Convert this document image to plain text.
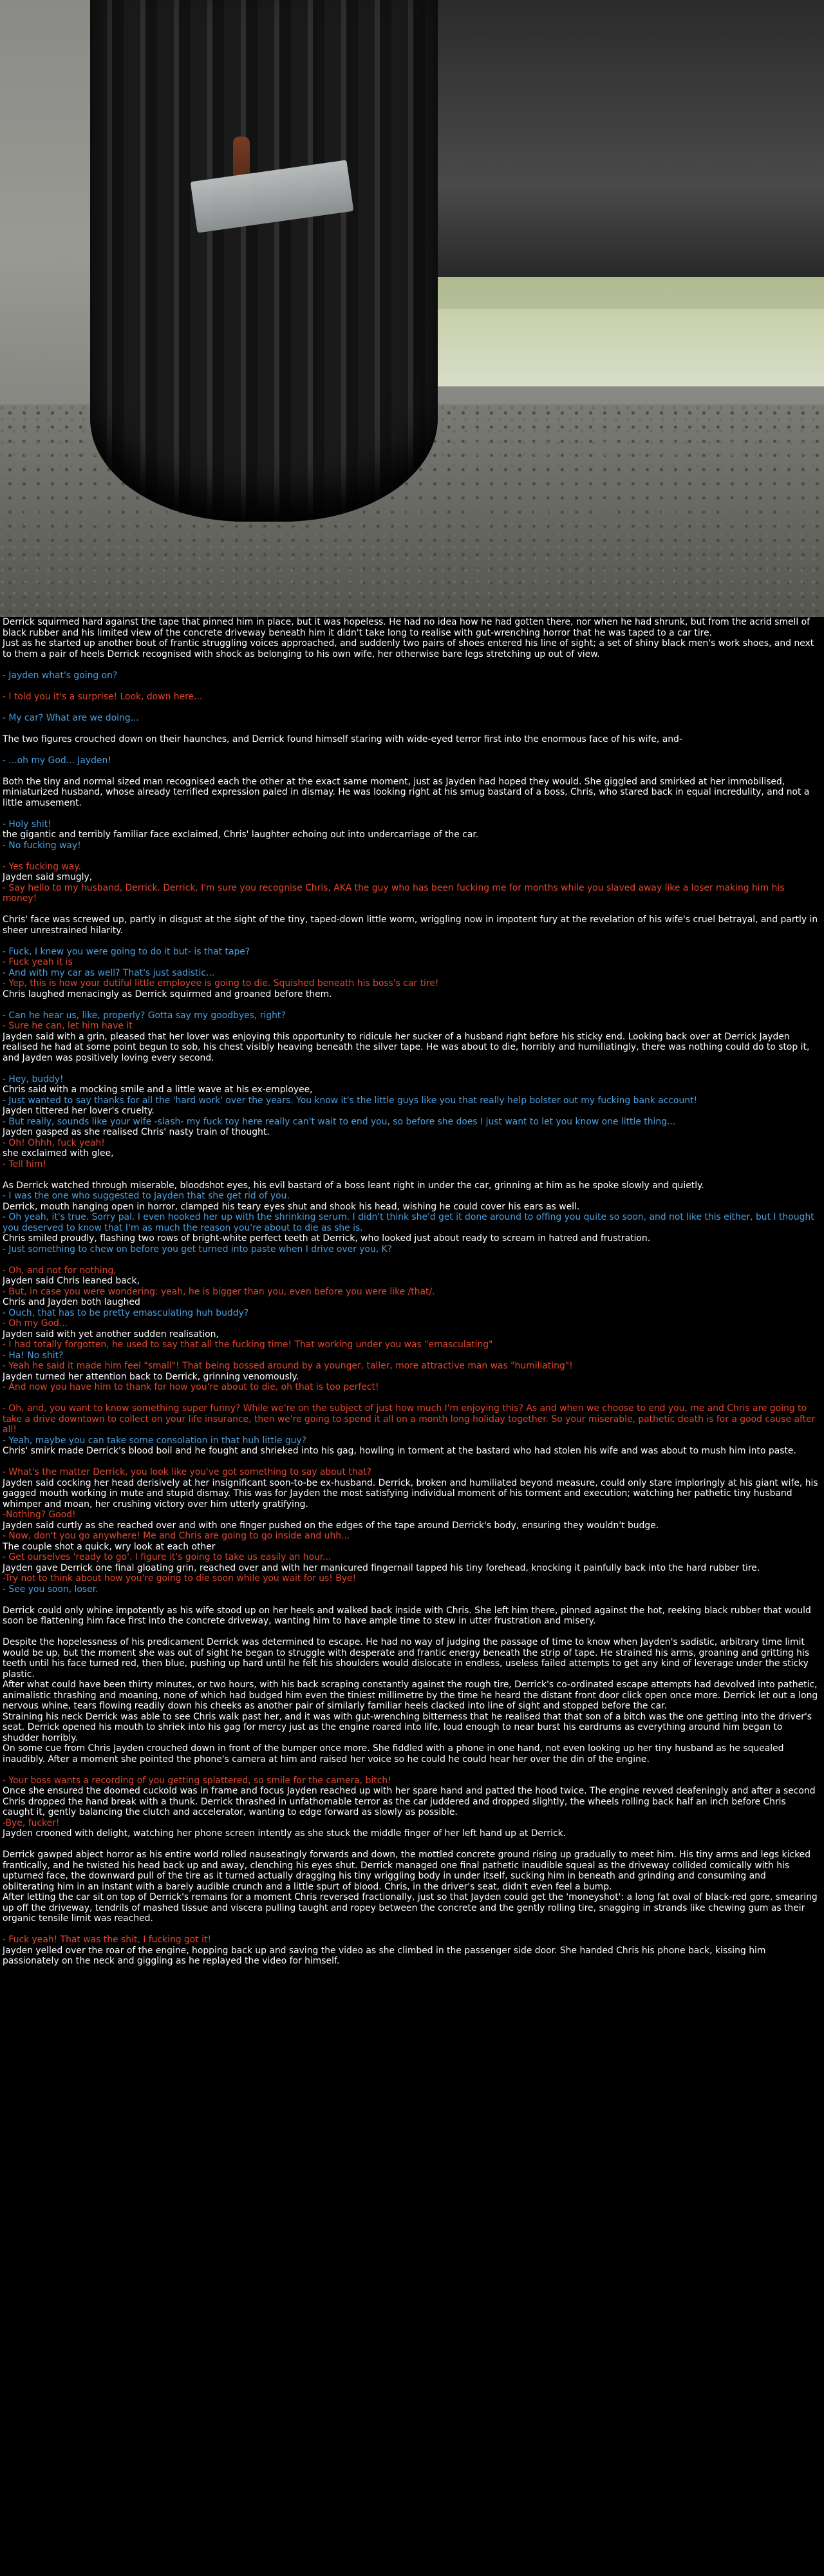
Derrick squirmed hard against the tape that pinned him in place, but it was hopeless. He had no idea how he had gotten there, nor when he had shrunk, but from the acrid smell of black rubber and his limited view of the concrete driveway beneath him it didn't take long to realise with gut-wrenching horror that he was taped to a car tire.

Just as he started up another bout of frantic struggling voices approached, and suddenly two pairs of shoes entered his line of sight; a set of shiny black men's work shoes, and next to them a pair of heels Derrick recognised with shock as belonging to his own wife, her otherwise bare legs stretching up out of view.

- Jayden what's going on?

- I told you it's a surprise! Look, down here...

- My car? What are we doing...

The two figures crouched down on their haunches, and Derrick found himself staring with wide-eyed terror first into the enormous face of his wife, and-

- ...oh my God... Jayden!

Both the tiny and normal sized man recognised each the other at the exact same moment, just as Jayden had hoped they would. She giggled and smirked at her immobilised, miniaturized husband, whose already terrified expression paled in dismay. He was looking right at his smug bastard of a boss, Chris, who stared back in equal incredulity, and not a little amusement.

- Holy shit!

the gigantic and terribly familiar face exclaimed, Chris' laughter echoing out into undercarriage of the car.

- No fucking way!

- Yes fucking way.

Jayden said smugly,

- Say hello to my husband, Derrick. Derrick, I'm sure you recognise Chris, AKA the guy who has been fucking me for months while you slaved away like a loser making him his money!

Chris' face was screwed up, partly in disgust at the sight of the tiny, taped-down little worm, wriggling now in impotent fury at the revelation of his wife's cruel betrayal, and partly in sheer unrestrained hilarity.

- Fuck, I knew you were going to do it but- is that tape?

- Fuck yeah it is

- And with my car as well? That's just sadistic...

- Yep, this is how your dutiful little employee is going to die. Squished beneath his boss's car tire!

Chris laughed menacingly as Derrick squirmed and groaned before them.

- Can he hear us, like, properly? Gotta say my goodbyes, right?

- Sure he can, let him have it

Jayden said with a grin, pleased that her lover was enjoying this opportunity to ridicule her sucker of a husband right before his sticky end. Looking back over at Derrick Jayden realised he had at some point begun to sob, his chest visibly heaving beneath the silver tape. He was about to die, horribly and humiliatingly, there was nothing could do to stop it, and Jayden was positively loving every second.

- Hey, buddy!

Chris said with a mocking smile and a little wave at his ex-employee,

- Just wanted to say thanks for all the 'hard work' over the years. You know it's the little guys like you that really help bolster out my fucking bank account!

Jayden tittered her lover's cruelty.

- But really, sounds like your wife -slash- my fuck toy here really can't wait to end you, so before she does I just want to let you know one little thing...

Jayden gasped as she realised Chris' nasty train of thought.

- Oh! Ohhh, fuck yeah!

she exclaimed with glee,

- Tell him!

As Derrick watched through miserable, bloodshot eyes, his evil bastard of a boss leant right in under the car, grinning at him as he spoke slowly and quietly.

- I was the one who suggested to Jayden that she get rid of you.

Derrick, mouth hanging open in horror, clamped his teary eyes shut and shook his head, wishing he could cover his ears as well.

- Oh yeah, it's true. Sorry pal. I even hooked her up with the shrinking serum. I didn't think she'd get it done around to offing you quite so soon, and not like this either, but I thought you deserved to know that I'm as much the reason you're about to die as she is.

Chris smiled proudly, flashing two rows of bright-white perfect teeth at Derrick, who looked just about ready to scream in hatred and frustration.

- Just something to chew on before you get turned into paste when I drive over you, K?

- Oh, and not for nothing,

Jayden said Chris leaned back,

- But, in case you were wondering: yeah, he is bigger than you, even before you were like /that/.

Chris and Jayden both laughed

- Ouch, that has to be pretty emasculating huh buddy?

- Oh my God...

Jayden said with yet another sudden realisation,

- I had totally forgotten, he used to say that all the fucking time! That working under you was "emasculating"

- Ha! No shit?

- Yeah he said it made him feel "small"! That being bossed around by a younger, taller, more attractive man was "humiliating"!

Jayden turned her attention back to Derrick, grinning venomously.

- And now you have him to thank for how you're about to die, oh that is too perfect!

- Oh, and, you want to know something super funny? While we're on the subject of just how much I'm enjoying this? As and when we choose to end you, me and Chris are going to take a drive downtown to collect on your life insurance, then we're going to spend it all on a month long holiday together. So your miserable, pathetic death is for a good cause after all!

- Yeah, maybe you can take some consolation in that huh little guy?

Chris' smirk made Derrick's blood boil and he fought and shrieked into his gag, howling in torment at the bastard who had stolen his wife and was about to mush him into paste.

- What's the matter Derrick, you look like you've got something to say about that?

Jayden said cocking her head derisively at her insignificant soon-to-be ex-husband. Derrick, broken and humiliated beyond measure, could only stare imploringly at his giant wife, his gagged mouth working in mute and stupid dismay. This was for Jayden the most satisfying individual moment of his torment and execution; watching her pathetic tiny husband whimper and moan, her crushing victory over him utterly gratifying.

-Nothing? Good!

Jayden said curtly as she reached over and with one finger pushed on the edges of the tape around Derrick's body, ensuring they wouldn't budge.

- Now, don't you go anywhere! Me and Chris are going to go inside and uhh...

The couple shot a quick, wry look at each other

- Get ourselves 'ready to go'. I figure it's going to take us easily an hour...

Jayden gave Derrick one final gloating grin, reached over and with her manicured fingernail tapped his tiny forehead, knocking it painfully back into the hard rubber tire.

-Try not to think about how you're going to die soon while you wait for us! Bye!

- See you soon, loser.

Derrick could only whine impotently as his wife stood up on her heels and walked back inside with Chris. She left him there, pinned against the hot, reeking black rubber that would soon be flattening him face first into the concrete driveway, wanting him to have ample time to stew in utter frustration and misery.

Despite the hopelessness of his predicament Derrick was determined to escape. He had no way of judging the passage of time to know when Jayden's sadistic, arbitrary time limit would be up, but the moment she was out of sight he began to struggle with desperate and frantic energy beneath the strip of tape. He strained his arms, groaning and gritting his teeth until his face turned red, then blue, pushing up hard until he felt his shoulders would dislocate in endless, useless failed attempts to get any kind of leverage under the sticky plastic.

After what could have been thirty minutes, or two hours, with his back scraping constantly against the rough tire, Derrick's co-ordinated escape attempts had devolved into pathetic, animalistic thrashing and moaning, none of which had budged him even the tiniest millimetre by the time he heard the distant front door click open once more. Derrick let out a long nervous whine, tears flowing readily down his cheeks as another pair of similarly familiar heels clacked into line of sight and stopped before the car.

Straining his neck Derrick was able to see Chris walk past her, and it was with gut-wrenching bitterness that he realised that that son of a bitch was the one getting into the driver's seat. Derrick opened his mouth to shriek into his gag for mercy just as the engine roared into life, loud enough to near burst his eardrums as everything around him began to shudder horribly.

On some cue from Chris Jayden crouched down in front of the bumper once more. She fiddled with a phone in one hand, not even looking up her tiny husband as he squealed inaudibly. After a moment she pointed the phone's camera at him and raised her voice so he could he could hear her over the din of the engine.

- Your boss wants a recording of you getting splattered, so smile for the camera, bitch!

Once she ensured the doomed cuckold was in frame and focus Jayden reached up with her spare hand and patted the hood twice. The engine revved deafeningly and after a second Chris dropped the hand break with a thunk. Derrick thrashed in unfathomable terror as the car juddered and dropped slightly, the wheels rolling back half an inch before Chris caught it, gently balancing the clutch and accelerator, wanting to edge forward as slowly as possible.

-Bye, fucker!

Jayden crooned with delight, watching her phone screen intently as she stuck the middle finger of her left hand up at Derrick.

Derrick gawped abject horror as his entire world rolled nauseatingly forwards and down, the mottled concrete ground rising up gradually to meet him. His tiny arms and legs kicked frantically, and he twisted his head back up and away, clenching his eyes shut. Derrick managed one final pathetic inaudible squeal as the driveway collided comically with his upturned face, the downward pull of the tire as it turned actually dragging his tiny wriggling body in under itself, sucking him in beneath and grinding and consuming and obliterating him in an instant with a barely audible crunch and a little spurt of blood. Chris, in the driver's seat, didn't even feel a bump.

After letting the car sit on top of Derrick's remains for a moment Chris reversed fractionally, just so that Jayden could get the 'moneyshot': a long fat oval of black-red gore, smearing up off the driveway, tendrils of mashed tissue and viscera pulling taught and ropey between the concrete and the gently rolling tire, snagging in strands like chewing gum as their organic tensile limit was reached.

- Fuck yeah! That was the shit, I fucking got it!

Jayden yelled over the roar of the engine, hopping back up and saving the video as she climbed in the passenger side door. She handed Chris his phone back, kissing him passionately on the neck and giggling as he replayed the video for himself.
